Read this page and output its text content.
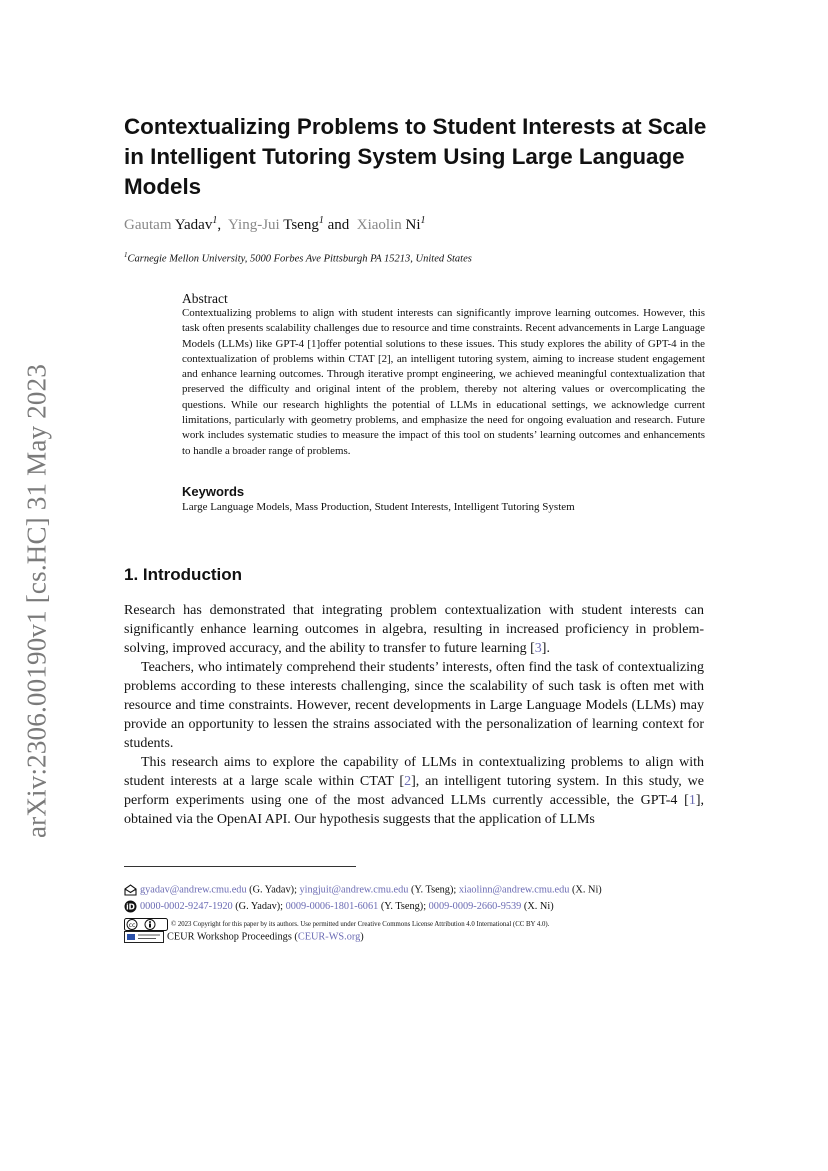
arXiv:2306.00190v1 [cs.HC] 31 May 2023
Contextualizing Problems to Student Interests at Scale in Intelligent Tutoring System Using Large Language Models
Gautam Yadav$^1$,  Ying-Jui Tseng$^1$ and Xiaolin Ni$^1$
$^1$Carnegie Mellon University, 5000 Forbes Ave Pittsburgh PA 15213, United States
Abstract
Contextualizing problems to align with student interests can significantly improve learning outcomes. However, this task often presents scalability challenges due to resource and time constraints. Recent advancements in Large Language Models (LLMs) like GPT-4 [1]offer potential solutions to these issues. This study explores the ability of GPT-4 in the contextualization of problems within CTAT [2], an intelligent tutoring system, aiming to increase student engagement and enhance learning outcomes. Through iterative prompt engineering, we achieved meaningful contextualization that preserved the difficulty and original intent of the problem, thereby not altering values or overcomplicating the questions. While our research highlights the potential of LLMs in educational settings, we acknowledge current limitations, particularly with geometry problems, and emphasize the need for ongoing evaluation and research. Future work includes systematic studies to measure the impact of this tool on students’ learning outcomes and enhancements to handle a broader range of problems.
Keywords
Large Language Models, Mass Production, Student Interests, Intelligent Tutoring System
1. Introduction
Research has demonstrated that integrating problem contextualization with student interests can significantly enhance learning outcomes in algebra, resulting in increased proficiency in problem-solving, improved accuracy, and the ability to transfer to future learning [3].
Teachers, who intimately comprehend their students’ interests, often find the task of contextualizing problems according to these interests challenging, since the scalability of such task is often met with resource and time constraints. However, recent developments in Large Language Models (LLMs) may provide an opportunity to lessen the strains associated with the personalization of learning context for students.
This research aims to explore the capability of LLMs in contextualizing problems to align with student interests at a large scale within CTAT [2], an intelligent tutoring system. In this study, we perform experiments using one of the most advanced LLMs currently accessible, the GPT-4 [1], obtained via the OpenAI API. Our hypothesis suggests that the application of LLMs
gyadav@andrew.cmu.edu (G. Yadav); yingjuit@andrew.cmu.edu (Y. Tseng); xiaolinn@andrew.cmu.edu (X. Ni)
iD 0000-0002-9247-1920 (G. Yadav); 0009-0006-1801-6061 (Y. Tseng); 0009-0009-2660-9539 (X. Ni)
cc	© 2023 Copyright for this paper by its authors. Use permitted under Creative Commons License Attribution 4.0 International (CC BY 4.0).
CEUR Workshop Proceedings (CEUR-WS.org)
